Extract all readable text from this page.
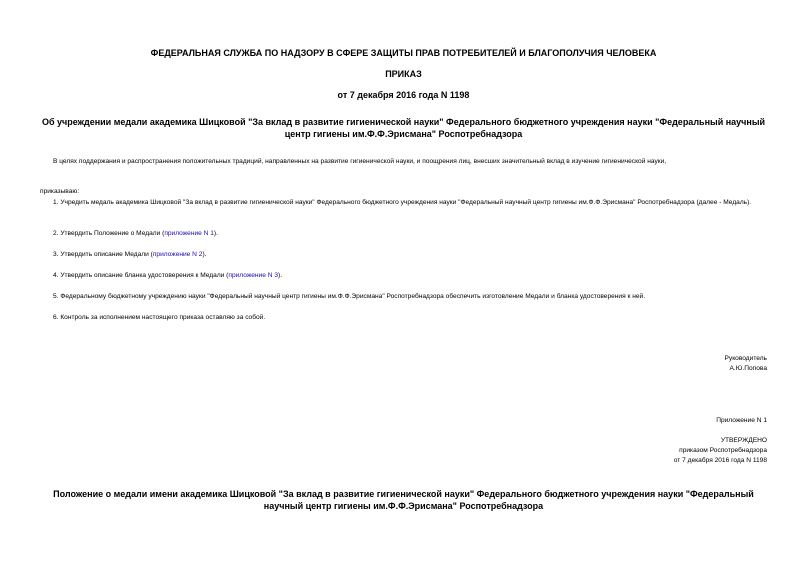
ФЕДЕРАЛЬНАЯ СЛУЖБА ПО НАДЗОРУ В СФЕРЕ ЗАЩИТЫ ПРАВ ПОТРЕБИТЕЛЕЙ И БЛАГОПОЛУЧИЯ ЧЕЛОВЕКА
ПРИКАЗ
от 7 декабря 2016 года N 1198
Об учреждении медали академика Шицковой "За вклад в развитие гигиенической науки" Федерального бюджетного учреждения науки "Федеральный научный
центр гигиены им.Ф.Ф.Эрисмана" Роспотребнадзора
В целях поддержания и распространения положительных традиций, направленных на развитие гигиенической науки, и поощрения лиц, внесших значительный вклад в изучение гигиенической науки,
приказываю:
1. Учредить медаль академика Шицковой "За вклад в развитие гигиенической науки" Федерального бюджетного учреждения науки "Федеральный научный центр гигиены им.Ф.Ф.Эрисмана" Роспотребнадзора (далее - Медаль).
2. Утвердить Положение о Медали (приложение N 1).
3. Утвердить описание Медали (приложение N 2).
4. Утвердить описание бланка удостоверения к Медали (приложение N 3).
5. Федеральному бюджетному учреждению науки "Федеральный научный центр гигиены им.Ф.Ф.Эрисмана" Роспотребнадзора обеспечить изготовление Медали и бланка удостоверения к ней.
6. Контроль за исполнением настоящего приказа оставляю за собой.
Руководитель
А.Ю.Попова
Приложение N 1
УТВЕРЖДЕНО
приказом Роспотребнадзора
от 7 декабря 2016 года N 1198
Положение о медали имени академика Шицковой "За вклад в развитие гигиенической науки" Федерального бюджетного учреждения науки "Федеральный
научный центр гигиены им.Ф.Ф.Эрисмана" Роспотребнадзора
